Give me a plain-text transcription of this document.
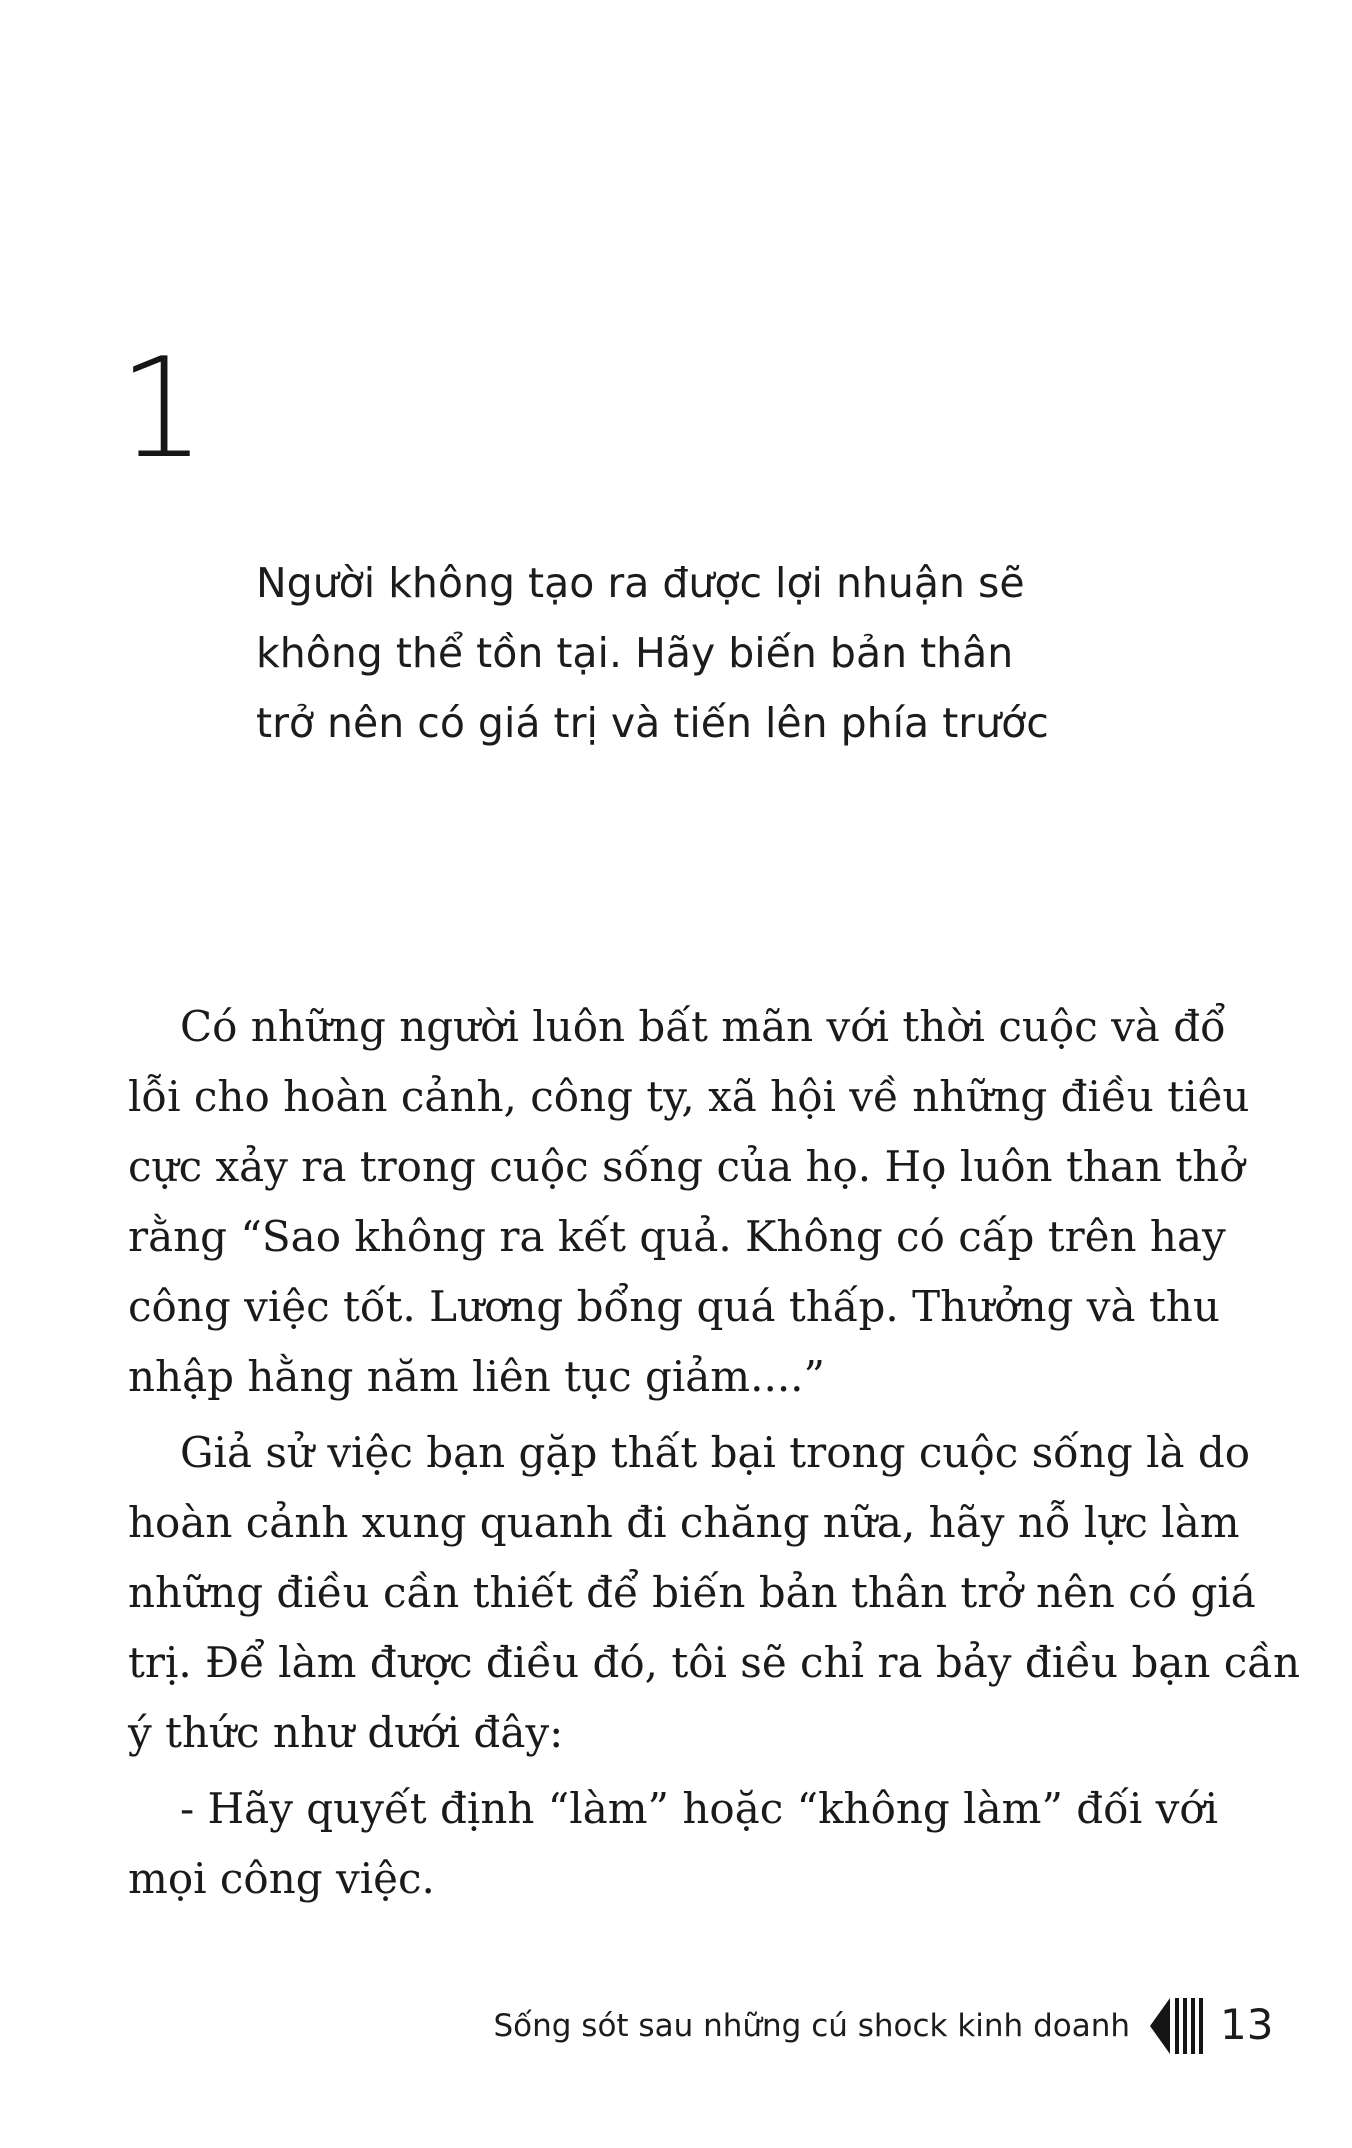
1
Người không tạo ra được lợi nhuận sẽ
không thể tồn tại. Hãy biến bản thân
trở nên có giá trị và tiến lên phía trước
Có những người luôn bất mãn với thời cuộc và đổ
lỗi cho hoàn cảnh, công ty, xã hội về những điều tiêu
cực xảy ra trong cuộc sống của họ. Họ luôn than thở
rằng “Sao không ra kết quả. Không có cấp trên hay
công việc tốt. Lương bổng quá thấp. Thưởng và thu
nhập hằng năm liên tục giảm....”
Giả sử việc bạn gặp thất bại trong cuộc sống là do
hoàn cảnh xung quanh đi chăng nữa, hãy nỗ lực làm
những điều cần thiết để biến bản thân trở nên có giá
trị. Để làm được điều đó, tôi sẽ chỉ ra bảy điều bạn cần
ý thức như dưới đây:
- Hãy quyết định “làm” hoặc “không làm” đối với
mọi công việc.
Sống sót sau những cú shock kinh doanh 13
